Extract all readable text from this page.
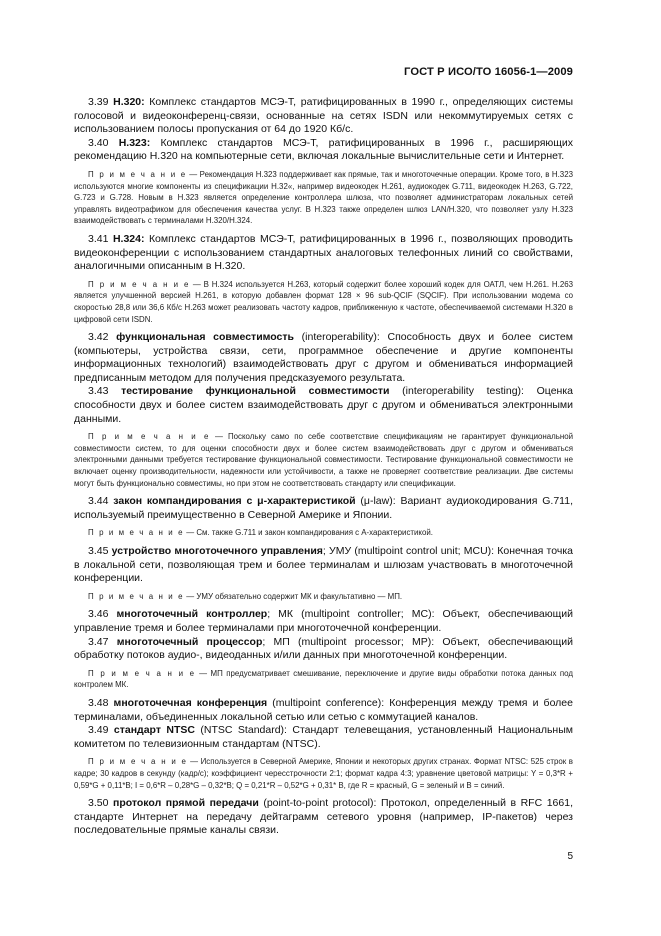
ГОСТ Р ИСО/ТО 16056-1—2009

3.39 H.320: Комплекс стандартов МСЭ-Т, ратифицированных в 1990 г., определяющих системы голосовой и видеоконференц-связи, основанные на сетях ISDN или некоммутируемых сетях с использованием полосы пропускания от 64 до 1920 Кб/с.

3.40 H.323: Комплекс стандартов МСЭ-Т, ратифицированных в 1996 г., расширяющих рекомендацию H.320 на компьютерные сети, включая локальные вычислительные сети и Интернет.

П р и м е ч а н и е — Рекомендация H.323 поддерживает как прямые, так и многоточечные операции. Кроме того, в H.323 используются многие компоненты из спецификации H.32«, например видеокодек H.261, аудиокодек G.711, видеокодек H.263, G.722, G.723 и G.728. Новым в H.323 является определение контроллера шлюза, что позволяет администраторам локальных сетей управлять видеотрафиком для обеспечения качества услуг. В H.323 также определен шлюз LAN/H.320, что позволяет узлу H.323 взаимодействовать с терминалами H.320/H.324.

3.41 H.324: Комплекс стандартов МСЭ-Т, ратифицированных в 1996 г., позволяющих проводить видеоконференции с использованием стандартных аналоговых телефонных линий со свойствами, аналогичными описанным в H.320.

П р и м е ч а н и е — В H.324 используется H.263, который содержит более хороший кодек для ОАТЛ, чем H.261. H.263 является улучшенной версией H.261, в которую добавлен формат 128 × 96 sub-QCIF (SQCIF). При использовании модема со скоростью 28,8 или 36,6 Кб/с H.263 может реализовать частоту кадров, приближенную к частоте, обеспечиваемой системами H.320 в цифровой сети ISDN.

3.42 функциональная совместимость (interoperability): Способность двух и более систем (компьютеры, устройства связи, сети, программное обеспечение и другие компоненты информационных технологий) взаимодействовать друг с другом и обмениваться информацией предписанным методом для получения предсказуемого результата.

3.43 тестирование функциональной совместимости (interoperability testing): Оценка способности двух и более систем взаимодействовать друг с другом и обмениваться электронными данными.

П р и м е ч а н и е — Поскольку само по себе соответствие спецификациям не гарантирует функциональной совместимости систем, то для оценки способности двух и более систем взаимодействовать друг с другом и обмениваться электронными данными требуется тестирование функциональной совместимости. Тестирование функциональной совместимости не включает оценку производительности, надежности или устойчивости, а также не проверяет соответствие реализации. Две системы могут быть функционально совместимы, но при этом не соответствовать стандарту или спецификации.

3.44 закон компандирования с μ-характеристикой (μ-law): Вариант аудиокодирования G.711, используемый преимущественно в Северной Америке и Японии.

П р и м е ч а н и е — См. также G.711 и закон компандирования с А-характеристикой.

3.45 устройство многоточечного управления; УМУ (multipoint control unit; MCU): Конечная точка в локальной сети, позволяющая трем и более терминалам и шлюзам участвовать в многоточечной конференции.

П р и м е ч а н и е — УМУ обязательно содержит МК и факультативно — МП.

3.46 многоточечный контроллер; МК (multipoint controller; MC): Объект, обеспечивающий управление тремя и более терминалами при многоточечной конференции.

3.47 многоточечный процессор; МП (multipoint processor; MP): Объект, обеспечивающий обработку потоков аудио-, видеоданных и/или данных при многоточечной конференции.

П р и м е ч а н и е — МП предусматривает смешивание, переключение и другие виды обработки потока данных под контролем МК.

3.48 многоточечная конференция (multipoint conference): Конференция между тремя и более терминалами, объединенных локальной сетью или сетью с коммутацией каналов.

3.49 стандарт NTSC (NTSC Standard): Стандарт телевещания, установленный Национальным комитетом по телевизионным стандартам (NTSC).

П р и м е ч а н и е — Используется в Северной Америке, Японии и некоторых других странах. Формат NTSC: 525 строк в кадре; 30 кадров в секунду (кадр/с); коэффициент чересстрочности 2:1; формат кадра 4:3; уравнение цветовой матрицы: Y = 0,3*R + 0,59*G + 0,11*B; I = 0,6*R – 0,28*G – 0,32*B; Q = 0,21*R – 0,52*G + 0,31* B, где R = красный, G = зеленый и B = синий.

3.50 протокол прямой передачи (point-to-point protocol): Протокол, определенный в RFC 1661, стандарте Интернет на передачу дейтаграмм сетевого уровня (например, IP-пакетов) через последовательные прямые каналы связи.

5
